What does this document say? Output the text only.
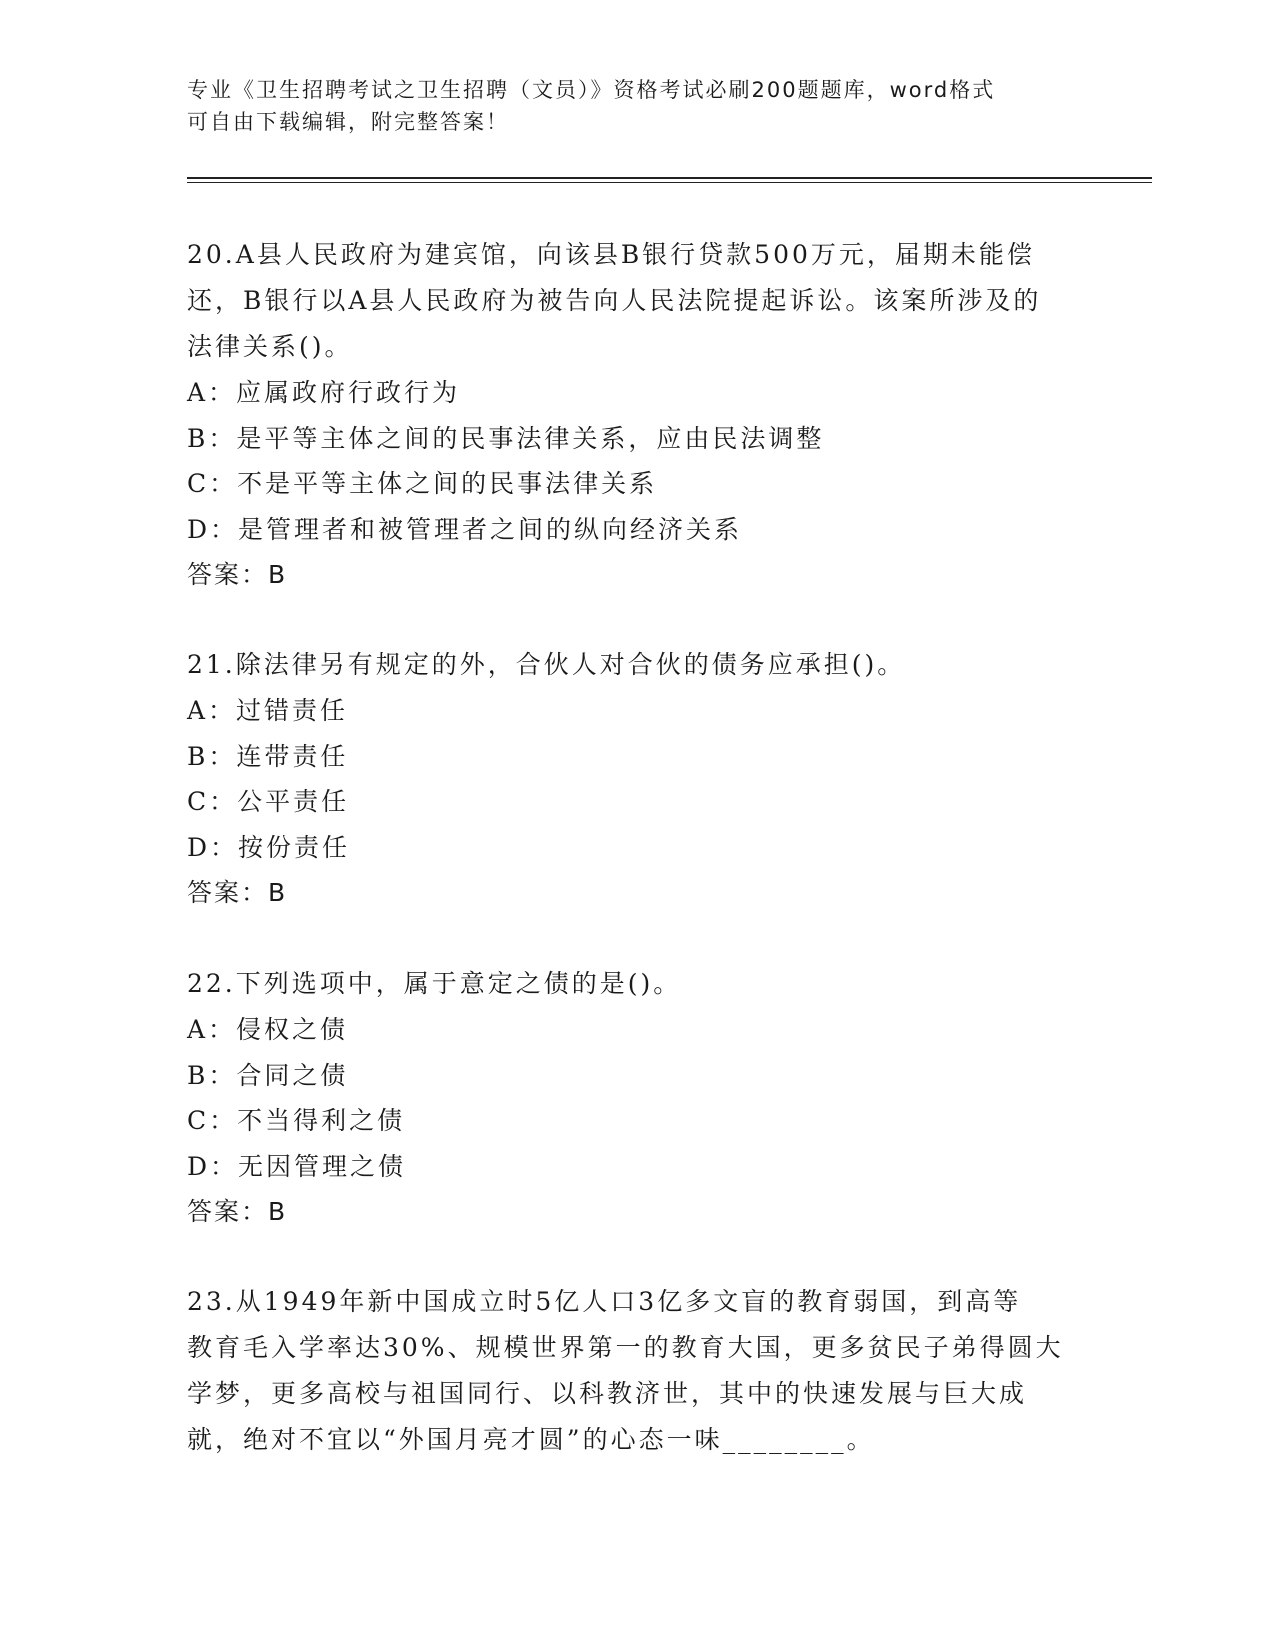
专业《卫生招聘考试之卫生招聘（文员）》资格考试必刷200题题库，word格式
可自由下载编辑，附完整答案！

20.A县人民政府为建宾馆，向该县B银行贷款500万元，届期未能偿

还，B银行以A县人民政府为被告向人民法院提起诉讼。该案所涉及的

法律关系()。

A：应属政府行政行为

B：是平等主体之间的民事法律关系，应由民法调整

C：不是平等主体之间的民事法律关系

D：是管理者和被管理者之间的纵向经济关系

答案：B

21.除法律另有规定的外，合伙人对合伙的债务应承担()。

A：过错责任

B：连带责任

C：公平责任

D：按份责任

答案：B

22.下列选项中，属于意定之债的是()。

A：侵权之债

B：合同之债

C：不当得利之债

D：无因管理之债

答案：B

23.从1949年新中国成立时5亿人口3亿多文盲的教育弱国，到高等

教育毛入学率达30%、规模世界第一的教育大国，更多贫民子弟得圆大

学梦，更多高校与祖国同行、以科教济世，其中的快速发展与巨大成

就，绝对不宜以“外国月亮才圆”的心态一味________。
